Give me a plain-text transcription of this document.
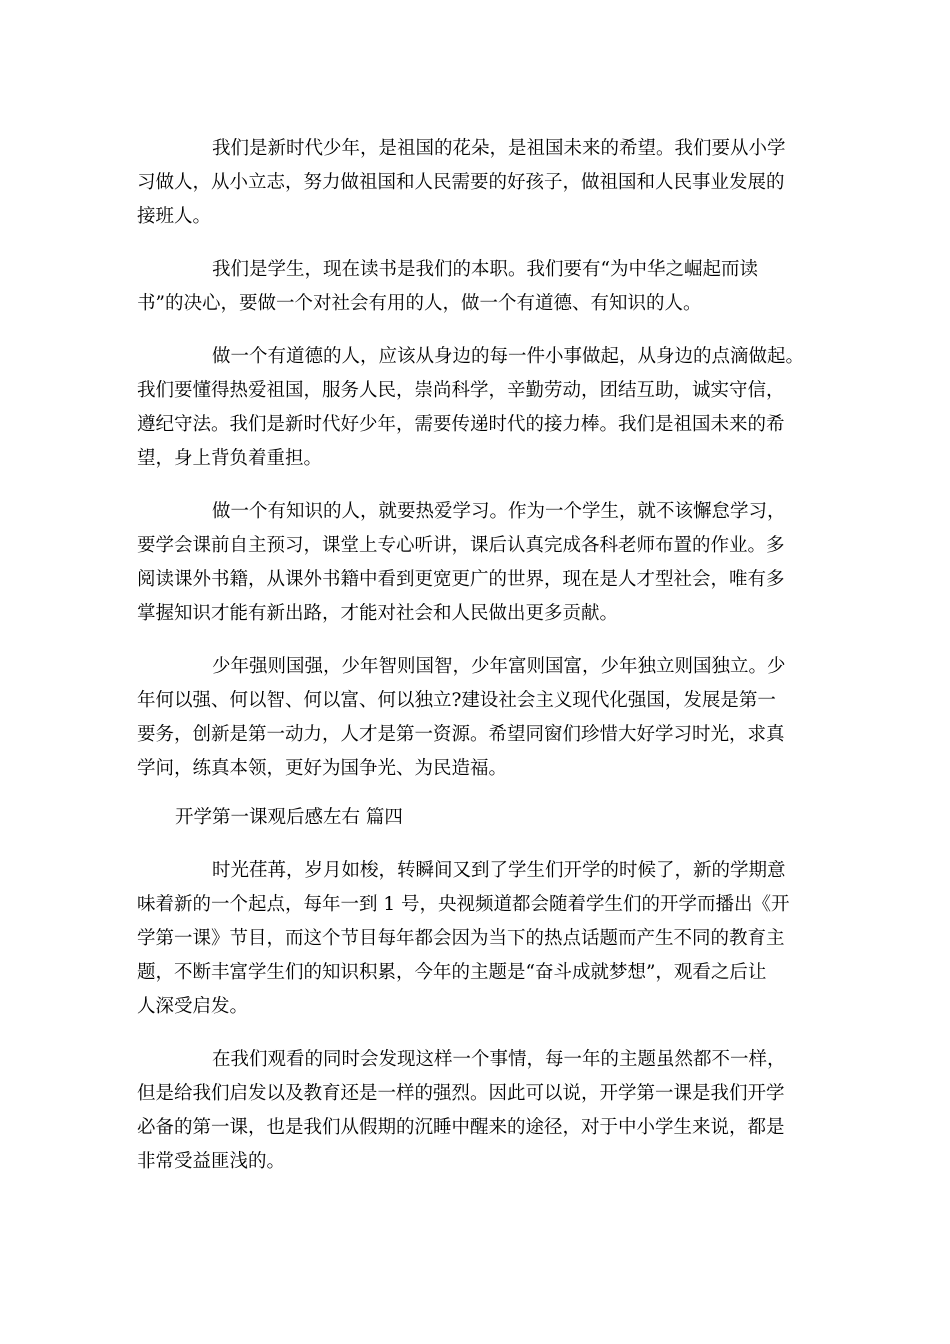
我们是新时代少年，是祖国的花朵，是祖国未来的希望。我们要从小学
习做人，从小立志，努力做祖国和人民需要的好孩子，做祖国和人民事业发展的
接班人。
我们是学生，现在读书是我们的本职。我们要有“为中华之崛起而读
书”的决心，要做一个对社会有用的人，做一个有道德、有知识的人。
做一个有道德的人，应该从身边的每一件小事做起，从身边的点滴做起。
我们要懂得热爱祖国，服务人民，崇尚科学，辛勤劳动，团结互助，诚实守信，
遵纪守法。我们是新时代好少年，需要传递时代的接力棒。我们是祖国未来的希
望，身上背负着重担。
做一个有知识的人，就要热爱学习。作为一个学生，就不该懈怠学习，
要学会课前自主预习，课堂上专心听讲，课后认真完成各科老师布置的作业。多
阅读课外书籍，从课外书籍中看到更宽更广的世界，现在是人才型社会，唯有多
掌握知识才能有新出路，才能对社会和人民做出更多贡献。
少年强则国强，少年智则国智，少年富则国富，少年独立则国独立。少
年何以强、何以智、何以富、何以独立?建设社会主义现代化强国，发展是第一
要务，创新是第一动力，人才是第一资源。希望同窗们珍惜大好学习时光，求真
学问，练真本领，更好为国争光、为民造福。
开学第一课观后感左右 篇四
时光荏苒，岁月如梭，转瞬间又到了学生们开学的时候了，新的学期意
味着新的一个起点，每年一到 1 号，央视频道都会随着学生们的开学而播出《开
学第一课》节目，而这个节目每年都会因为当下的热点话题而产生不同的教育主
题，不断丰富学生们的知识积累，今年的主题是“奋斗成就梦想”，观看之后让
人深受启发。
在我们观看的同时会发现这样一个事情，每一年的主题虽然都不一样，
但是给我们启发以及教育还是一样的强烈。因此可以说，开学第一课是我们开学
必备的第一课，也是我们从假期的沉睡中醒来的途径，对于中小学生来说，都是
非常受益匪浅的。
